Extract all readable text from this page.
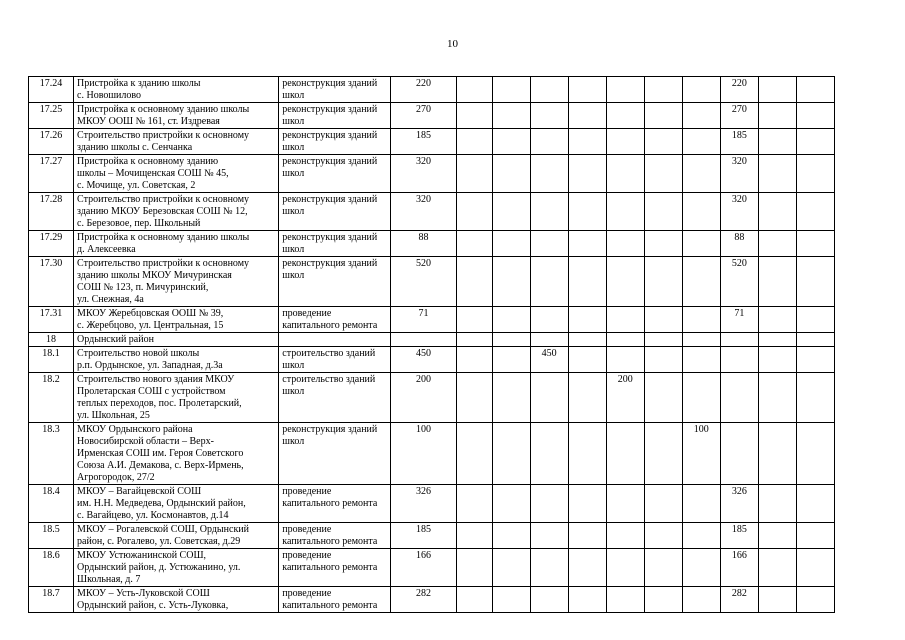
10
17.24	Пристройка к зданию школы
с. Новошилово	реконструкция зданий
школ	220								220		
17.25	Пристройка к основному зданию школы
МКОУ ООШ № 161, ст. Издревая	реконструкция зданий
школ	270								270		
17.26	Строительство пристройки к основному
зданию школы с. Сенчанка	реконструкция зданий
школ	185								185		
17.27	Пристройка к основному зданию
школы – Мочищенская СОШ № 45,
с. Мочище, ул. Советская, 2	реконструкция зданий
школ	320								320		
17.28	Строительство пристройки к основному
зданию МКОУ Березовская СОШ № 12,
с. Березовое, пер. Школьный	реконструкция зданий
школ	320								320		
17.29	Пристройка к основному зданию школы
д. Алексеевка	реконструкция зданий
школ	88								88		
17.30	Строительство пристройки к основному
зданию школы МКОУ Мичуринская
СОШ № 123, п. Мичуринский,
ул. Снежная, 4а	реконструкция зданий
школ	520								520		
17.31	МКОУ Жеребцовская ООШ № 39,
с. Жеребцово, ул. Центральная, 15	проведение
капитального ремонта	71								71		
18	Ордынский район												
18.1	Строительство новой школы
р.п. Ордынское, ул. Западная, д.3а	строительство зданий
школ	450			450							
18.2	Строительство нового здания МКОУ
Пролетарская СОШ с устройством
теплых переходов, пос. Пролетарский,
ул. Школьная, 25	строительство зданий
школ	200					200					
18.3	МКОУ Ордынского района
Новосибирской области – Верх-
Ирменская СОШ им. Героя Советского
Союза А.И. Демакова, с. Верх-Ирмень,
Агрогородок, 27/2	реконструкция зданий
школ	100							100			
18.4	МКОУ – Вагайцевской СОШ
им. Н.Н. Медведева, Ордынский район,
с. Вагайцево, ул. Космонавтов, д.14	проведение
капитального ремонта	326								326		
18.5	МКОУ – Рогалевской СОШ, Ордынский
район, с. Рогалево, ул. Советская, д.29	проведение
капитального ремонта	185								185		
18.6	МКОУ Устюжанинской СОШ,
Ордынский район, д. Устюжанино, ул.
Школьная, д. 7	проведение
капитального ремонта	166								166		
18.7	МКОУ – Усть-Луковской СОШ
Ордынский район, с. Усть-Луковка,	проведение
капитального ремонта	282								282		
